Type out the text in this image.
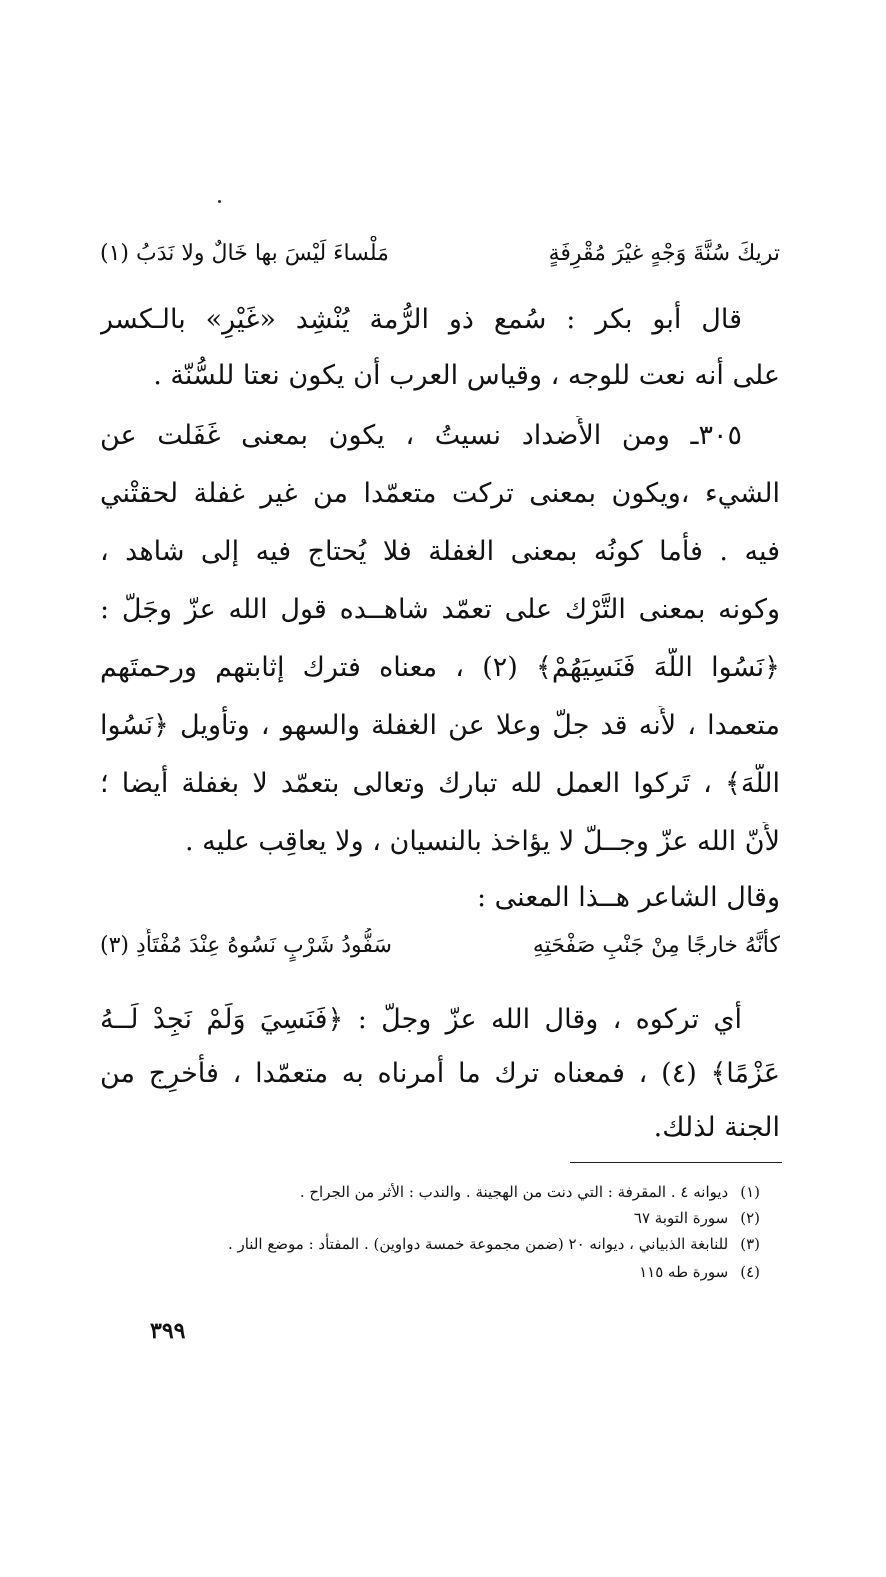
تريكَ سُنَّةَ وَجْهٍ غيْرَ مُقْرِفَةٍ
مَلْساءَ لَيْسَ بها خَالٌ ولا نَدَبُ (١)
قال أبو بكر : سُمع ذو الرُّمة يُنْشِد «غَيْرِ» بالـكسر
على أنه نعت للوجه ، وقياس العرب أن يكون نعتا للسُّنّة .
٣٠٥ـ ومن الأَضداد نسيتُ ، يكون بمعنى غَفَلت عن
الشيء ،ويكون بمعنى تركت متعمّدا من غير غفلة لحقتْني
فيه . فأَما كونُه بمعنى الغفلة فلا يُحتاج فيه إلى شاهد ،
وكونه بمعنى التَّرْك على تعمّد شاهــده قول الله عزّ وجَلّ :
﴿نَسُوا اللَّهَ فَنَسِيَهُمْ﴾ (٢) ، معناه فترك إثابتهم ورحمتَهم
متعمدا ، لأَنه قد جلّ وعلا عن الغفلة والسهو ، وتأويل ﴿نَسُوا
اللَّهَ﴾ ، تَركوا العمل لله تبارك وتعالى بتعمّد لا بغفلة أيضا ؛
لأَنّ الله عزّ وجــلّ لا يؤاخذ بالنسيان ، ولا يعاقِب عليه .
وقال الشاعر هــذا المعنى :
كأنَّهُ خارجًا مِنْ جَنْبِ صَفْحَتِهِ
سَفُّودُ شَرْبٍ نَسُوهُ عِنْدَ مُفْتَأَدِ (٣)
أي تركوه ، وقال الله عزّ وجلّ : ﴿فَنَسِيَ وَلَمْ نَجِدْ لَــهُ
عَزْمًا﴾ (٤) ، فمعناه ترك ما أَمرناه به متعمّدا ، فأُخرِج من
الجنة لذلك.
(١)ديوانه ٤ . المقرفة : التي دنت من الهجينة . والندب : الأثر من الجراح .
(٢)سورة التوبة ٦٧
(٣)للنابغة الذبياني ، ديوانه ٢٠ (ضمن مجموعة خمسة دواوين) . المفتأد : موضع النار .
(٤)سورة طه ١١٥
٣٩٩
